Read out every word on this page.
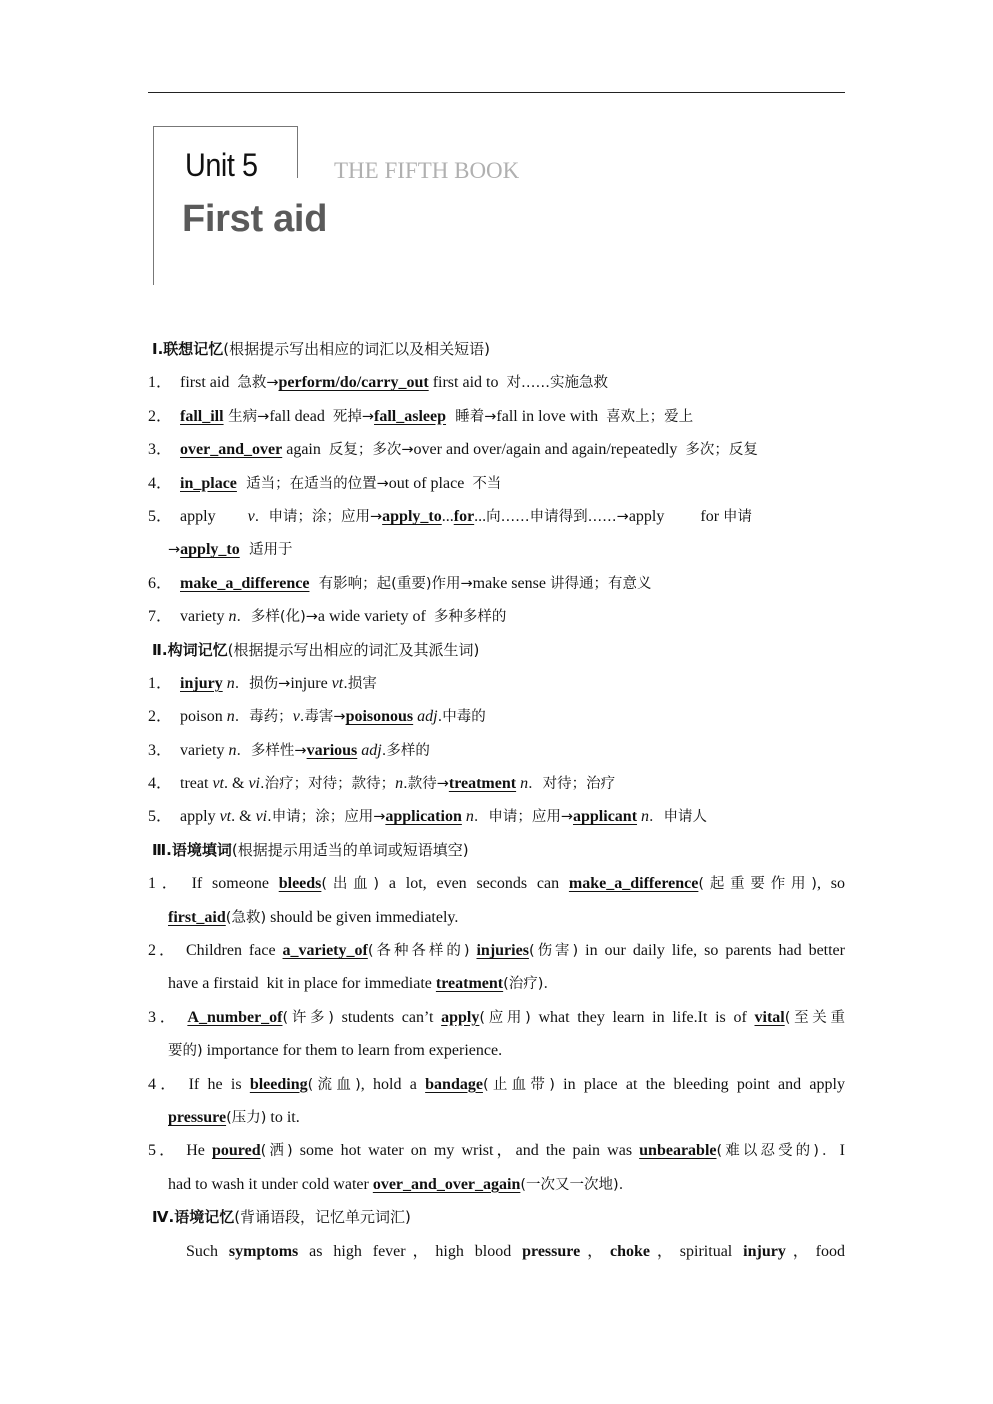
Unit 5	THE FIFTH BOOK
First aid
Ⅰ.联想记忆(根据提示写出相应的词汇以及相关短语)
1． first aid  急救→perform/do/carry_out first aid to  对……实施急救
2． fall_ill 生病→fall dead  死掉→fall_asleep  睡着→fall in love with  喜欢上；爱上
3． over_and_over again  反复；多次→over and over/again and again/repeatedly  多次；反复
4． in_place  适当；在适当的位置→out of place  不当
5． apply        v.  申请；涂；应用→apply_to...for...向……申请得到……→apply         for 申请
→apply_to  适用于
6． make_a_difference  有影响；起(重要)作用→make sense 讲得通；有意义
7． variety n．多样(化)→a wide variety of  多种多样的
Ⅱ.构词记忆(根据提示写出相应的词汇及其派生词)
1． injury n．损伤→injure vt.损害
2． poison n．毒药；v.毒害→poisonous adj.中毒的
3． variety n．多样性→various adj.多样的
4． treat vt. & vi.治疗；对待；款待；n.款待→treatment n．对待；治疗
5． apply vt. & vi.申请；涂；应用→application n．申请；应用→applicant n．申请人
Ⅲ.语境填词(根据提示用适当的单词或短语填空)
1． If someone bleeds(出血) a lot, even seconds can make_a_difference(起重要作用), so
first_aid(急救) should be given immediately.
2． Children face a_variety_of(各种各样的) injuries(伤害) in our daily life, so parents had better
have a firstaid  kit in place for immediate treatment(治疗)．
3． A_number_of(许多) students can’t apply(应用) what they learn in life.It is of vital(至关重
要的) importance for them to learn from experience.
4． If he is bleeding(流血), hold a bandage(止血带) in place at the bleeding point and apply
pressure(压力) to it.
5． He poured(洒) some hot water on my wrist，and the pain was unbearable(难以忍受的)．I
had to wash it under cold water over_and_over_again(一次又一次地)．
Ⅳ.语境记忆(背诵语段，记忆单元词汇)
Such symptoms as high fever，high blood pressure，choke，spiritual injury，food
